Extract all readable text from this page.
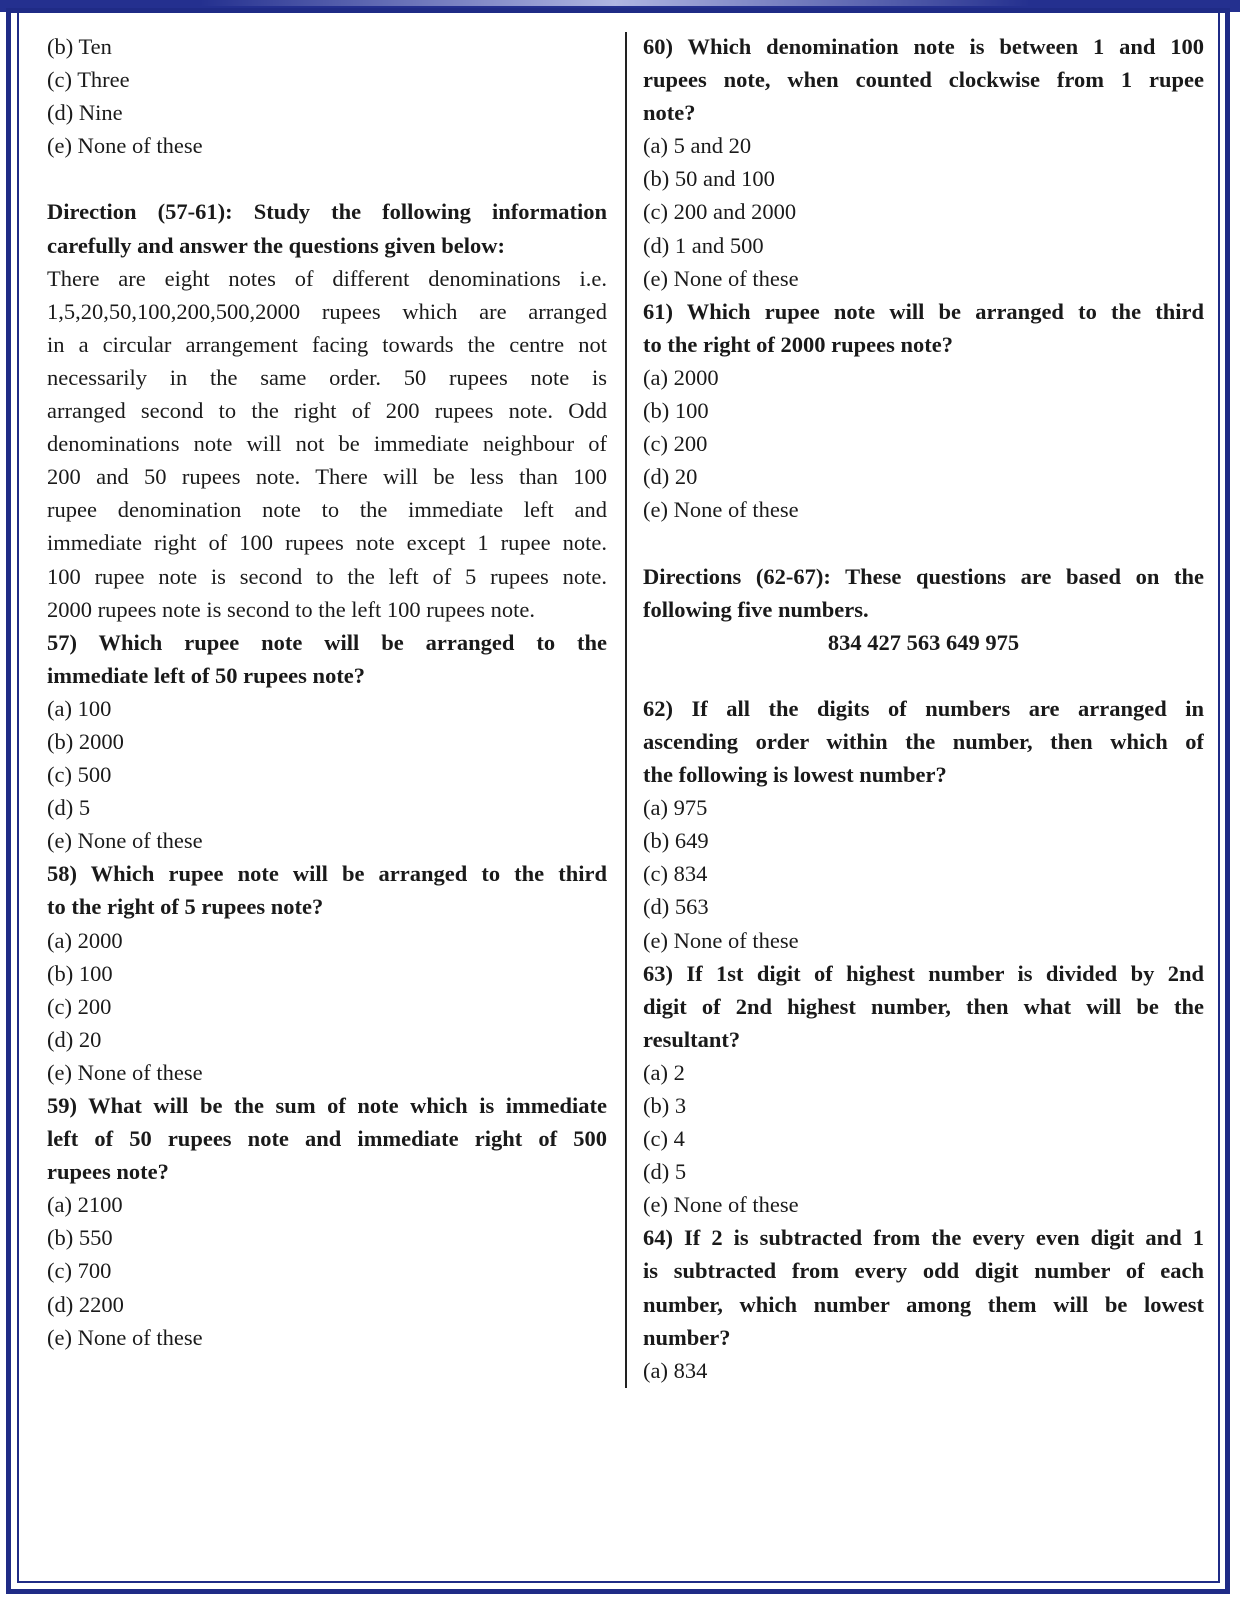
(b) Ten
(c) Three
(d) Nine
(e) None of these
Direction (57-61): Study the following information
carefully and answer the questions given below:
There are eight notes of different denominations i.e.
1,5,20,50,100,200,500,2000 rupees which are arranged
in a circular arrangement facing towards the centre not
necessarily in the same order. 50 rupees note is
arranged second to the right of 200 rupees note. Odd
denominations note will not be immediate neighbour of
200 and 50 rupees note. There will be less than 100
rupee denomination note to the immediate left and
immediate right of 100 rupees note except 1 rupee note.
100 rupee note is second to the left of 5 rupees note.
2000 rupees note is second to the left 100 rupees note.
57) Which rupee note will be arranged to the
immediate left of 50 rupees note?
(a) 100
(b) 2000
(c) 500
(d) 5
(e) None of these
58) Which rupee note will be arranged to the third
to the right of 5 rupees note?
(a) 2000
(b) 100
(c) 200
(d) 20
(e) None of these
59) What will be the sum of note which is immediate
left of 50 rupees note and immediate right of 500
rupees note?
(a) 2100
(b) 550
(c) 700
(d) 2200
(e) None of these
60) Which denomination note is between 1 and 100
rupees note, when counted clockwise from 1 rupee
note?
(a) 5 and 20
(b) 50 and 100
(c) 200 and 2000
(d) 1 and 500
(e) None of these
61) Which rupee note will be arranged to the third
to the right of 2000 rupees note?
(a) 2000
(b) 100
(c) 200
(d) 20
(e) None of these
Directions (62-67): These questions are based on the
following five numbers.
834 427 563 649 975
62) If all the digits of numbers are arranged in
ascending order within the number, then which of
the following is lowest number?
(a) 975
(b) 649
(c) 834
(d) 563
(e) None of these
63) If 1st digit of highest number is divided by 2nd
digit of 2nd highest number, then what will be the
resultant?
(a) 2
(b) 3
(c) 4
(d) 5
(e) None of these
64) If 2 is subtracted from the every even digit and 1
is subtracted from every odd digit number of each
number, which number among them will be lowest
number?
(a) 834
